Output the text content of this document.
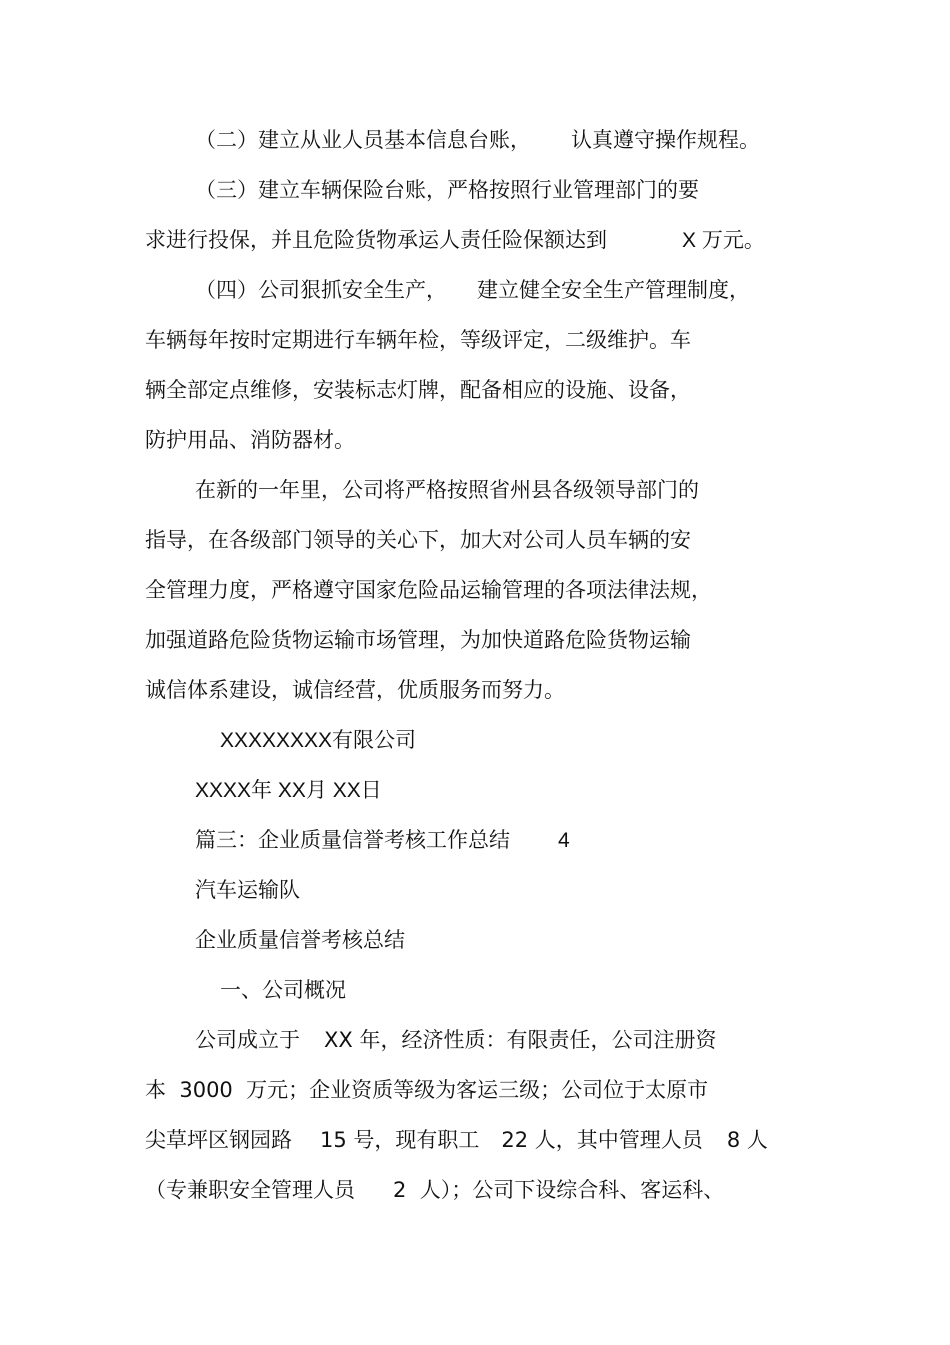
（二）建立从业人员基本信息台账， 认真遵守操作规程。

（三）建立车辆保险台账，严格按照行业管理部门的要

求进行投保，并且危险货物承运人责任险保额达到	X 万元。

（四）公司狠抓安全生产， 建立健全安全生产管理制度，

车辆每年按时定期进行车辆年检，等级评定，二级维护。车

辆全部定点维修，安装标志灯牌，配备相应的设施、设备，

防护用品、消防器材。

在新的一年里，公司将严格按照省州县各级领导部门的

指导，在各级部门领导的关心下，加大对公司人员车辆的安

全管理力度，严格遵守国家危险品运输管理的各项法律法规，

加强道路危险货物运输市场管理，为加快道路危险货物运输

诚信体系建设，诚信经营，优质服务而努力。

XXXXXXXX有限公司

XXXX年 XX月 XX日

篇三：企业质量信誉考核工作总结 4

汽车运输队

企业质量信誉考核总结

一、公司概况

公司成立于 XX 年，经济性质：有限责任，公司注册资

本  3000  万元；企业资质等级为客运三级；公司位于太原市

尖草坪区钢园路 15 号，现有职工 22 人，其中管理人员 8 人

（专兼职安全管理人员 2  人）；公司下设综合科、客运科、
